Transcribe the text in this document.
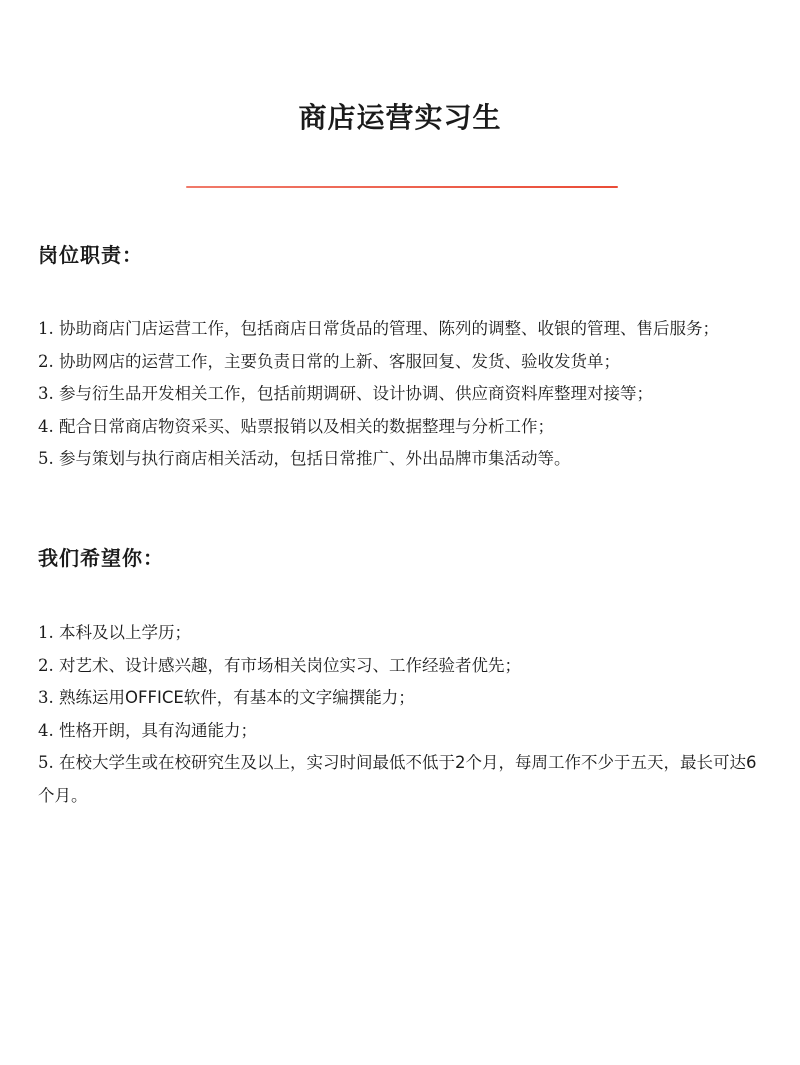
商店运营实习生
岗位职责：
1. 协助商店门店运营工作，包括商店日常货品的管理、陈列的调整、收银的管理、售后服务；
2. 协助网店的运营工作，主要负责日常的上新、客服回复、发货、验收发货单；
3. 参与衍生品开发相关工作，包括前期调研、设计协调、供应商资料库整理对接等；
4. 配合日常商店物资采买、贴票报销以及相关的数据整理与分析工作；
5. 参与策划与执行商店相关活动，包括日常推广、外出品牌市集活动等。
我们希望你：
1. 本科及以上学历；
2. 对艺术、设计感兴趣，有市场相关岗位实习、工作经验者优先；
3. 熟练运用OFFICE软件，有基本的文字编撰能力；
4. 性格开朗，具有沟通能力；
5. 在校大学生或在校研究生及以上，实习时间最低不低于2个月，每周工作不少于五天，最长可达6个月。
